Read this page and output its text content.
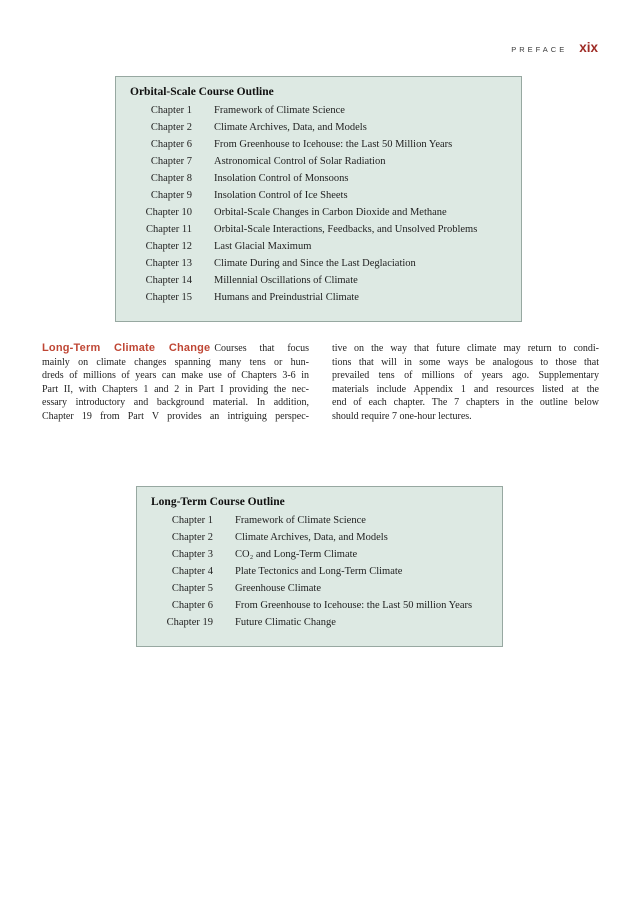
PREFACE xix
Orbital-Scale Course Outline
Chapter 1 Framework of Climate Science
Chapter 2 Climate Archives, Data, and Models
Chapter 6 From Greenhouse to Icehouse: the Last 50 Million Years
Chapter 7 Astronomical Control of Solar Radiation
Chapter 8 Insolation Control of Monsoons
Chapter 9 Insolation Control of Ice Sheets
Chapter 10 Orbital-Scale Changes in Carbon Dioxide and Methane
Chapter 11 Orbital-Scale Interactions, Feedbacks, and Unsolved Problems
Chapter 12 Last Glacial Maximum
Chapter 13 Climate During and Since the Last Deglaciation
Chapter 14 Millennial Oscillations of Climate
Chapter 15 Humans and Preindustrial Climate
Long-Term Climate Change Courses that focus
mainly on climate changes spanning many tens or hun-
dreds of millions of years can make use of Chapters 3-6 in
Part II, with Chapters 1 and 2 in Part I providing the nec-
essary introductory and background material. In addition,
Chapter 19 from Part V provides an intriguing perspec-
tive on the way that future climate may return to condi-
tions that will in some ways be analogous to those that
prevailed tens of millions of years ago. Supplementary
materials include Appendix 1 and resources listed at the
end of each chapter. The 7 chapters in the outline below
should require 7 one-hour lectures.
Long-Term Course Outline
Chapter 1 Framework of Climate Science
Chapter 2 Climate Archives, Data, and Models
Chapter 3 CO₂ and Long-Term Climate
Chapter 4 Plate Tectonics and Long-Term Climate
Chapter 5 Greenhouse Climate
Chapter 6 From Greenhouse to Icehouse: the Last 50 million Years
Chapter 19 Future Climatic Change
